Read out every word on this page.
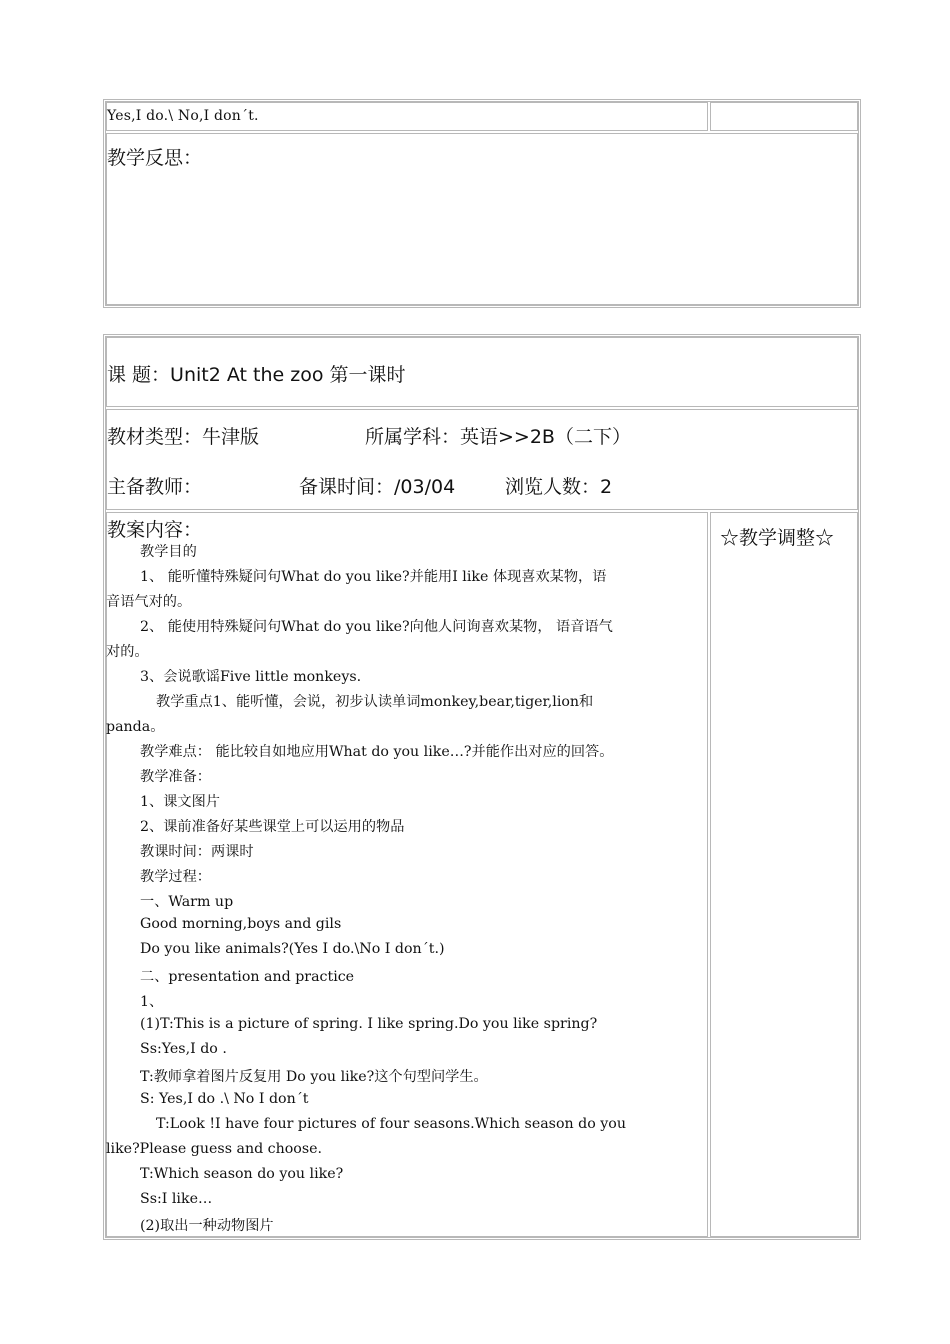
Yes,I do.\ No,I don´t.
教学反思：
课 题：Unit2 At the zoo 第一课时
教材类型：牛津版	所属学科：英语>>2B（二下）
主备教师：	备课时间：/03/04	浏览人数：2
教案内容：	☆教学调整☆
教学目的
1、 能听懂特殊疑问句What do you like?并能用I like 体现喜欢某物，语
音语气对的。
2、 能使用特殊疑问句What do you like?向他人问询喜欢某物， 语音语气
对的。
3、会说歌谣Five little monkeys.
教学重点1、能听懂，会说，初步认读单词monkey,bear,tiger,lion和
panda。
教学难点： 能比较自如地应用What do you like…?并能作出对应的回答。
教学准备：
1、课文图片
2、课前准备好某些课堂上可以运用的物品
教课时间：两课时
教学过程：
一、Warm up
Good morning,boys and gils
Do you like animals?(Yes I do.\No I don´t.)
二、presentation and practice
1、
(1)T:This is a picture of spring. I like spring.Do you like spring?
Ss:Yes,I do .
T:教师拿着图片反复用 Do you like?这个句型问学生。
S: Yes,I do .\ No I don´t
T:Look !I have four pictures of four seasons.Which season do you
like?Please guess and choose.
T:Which season do you like?
Ss:I like…
(2)取出一种动物图片
